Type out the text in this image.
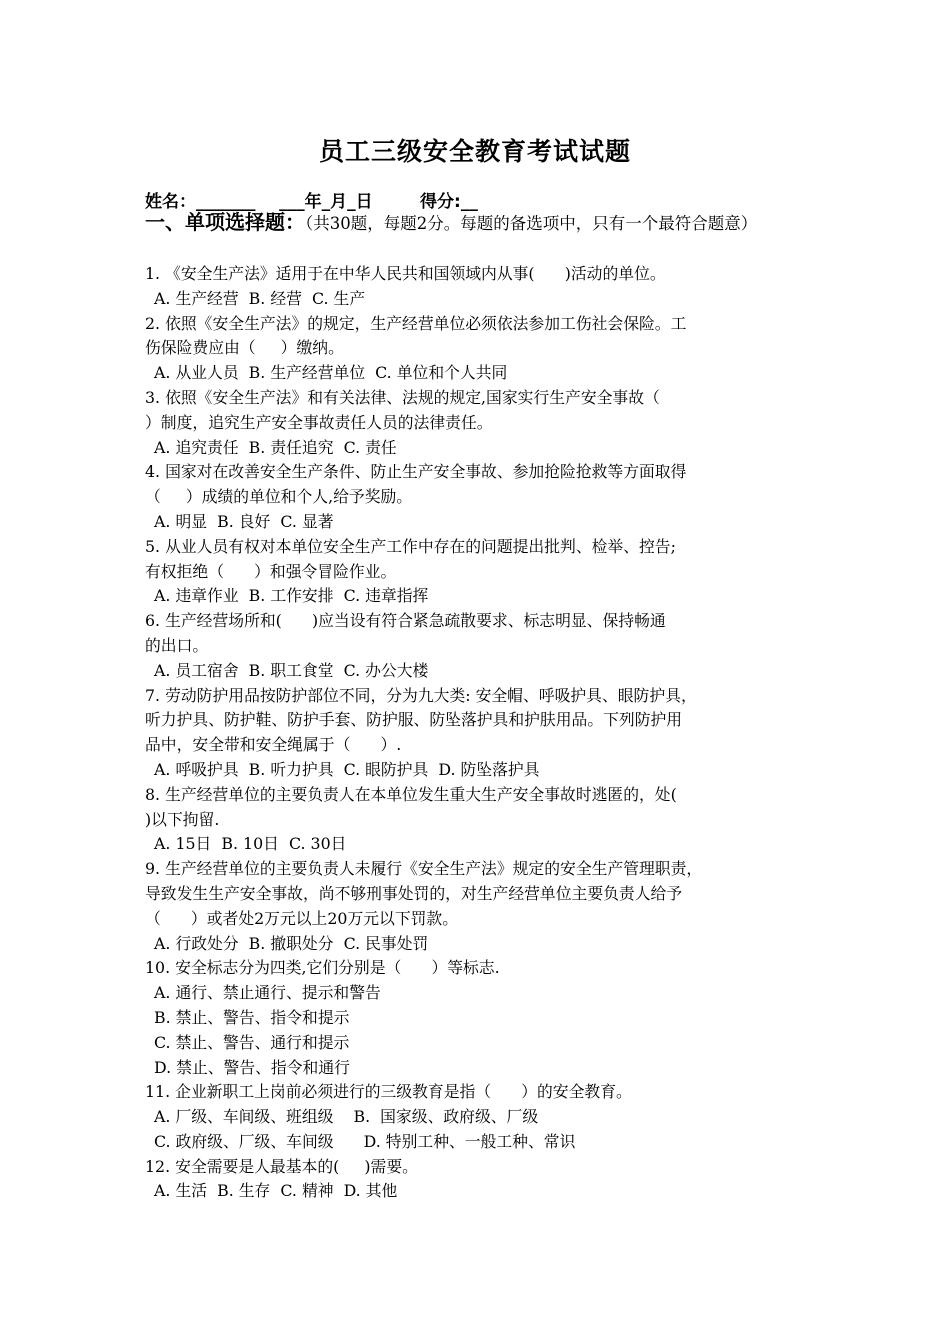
员工三级安全教育考试试题
姓名：_______    ___年_月_日        得分:__
一、单项选择题：（共30题，每题2分。每题的备选项中，只有一个最符合题意）

1. 《安全生产法》适用于在中华人民共和国领域内从事(      )活动的单位。

A. 生产经营  B. 经营  C. 生产

2. 依照《安全生产法》的规定，生产经营单位必须依法参加工伤社会保险。工

伤保险费应由（     ）缴纳。

A. 从业人员  B. 生产经营单位  C. 单位和个人共同

3. 依照《安全生产法》和有关法律、法规的规定,国家实行生产安全事故（

）制度，追究生产安全事故责任人员的法律责任。

A. 追究责任  B. 责任追究  C. 责任

4. 国家对在改善安全生产条件、防止生产安全事故、参加抢险抢救等方面取得

（     ）成绩的单位和个人,给予奖励。

A. 明显  B. 良好  C. 显著

5. 从业人员有权对本单位安全生产工作中存在的问题提出批判、检举、控告;

有权拒绝（      ）和强令冒险作业。

A. 违章作业  B. 工作安排  C. 违章指挥

6. 生产经营场所和(      )应当设有符合紧急疏散要求、标志明显、保持畅通

的出口。

A. 员工宿舍  B. 职工食堂  C. 办公大楼

7. 劳动防护用品按防护部位不同，分为九大类: 安全帽、呼吸护具、眼防护具，

听力护具、防护鞋、防护手套、防护服、防坠落护具和护肤用品。下列防护用

品中，安全带和安全绳属于（      ）.

A. 呼吸护具  B. 听力护具  C. 眼防护具  D. 防坠落护具

8. 生产经营单位的主要负责人在本单位发生重大生产安全事故时逃匿的，处(

)以下拘留.

A. 15日  B. 10日  C. 30日

9. 生产经营单位的主要负责人未履行《安全生产法》规定的安全生产管理职责，

导致发生生产安全事故，尚不够刑事处罚的，对生产经营单位主要负责人给予

（      ）或者处2万元以上20万元以下罚款。

A. 行政处分  B. 撤职处分  C. 民事处罚

10. 安全标志分为四类,它们分别是（      ）等标志.

A. 通行、禁止通行、提示和警告
B. 禁止、警告、指令和提示
C. 禁止、警告、通行和提示
D. 禁止、警告、指令和通行

11. 企业新职工上岗前必须进行的三级教育是指（      ）的安全教育。

A. 厂级、车间级、班组级    B.  国家级、政府级、厂级
C. 政府级、厂级、车间级      D. 特别工种、一般工种、常识

12. 安全需要是人最基本的(     )需要。

A. 生活  B. 生存  C. 精神  D. 其他
